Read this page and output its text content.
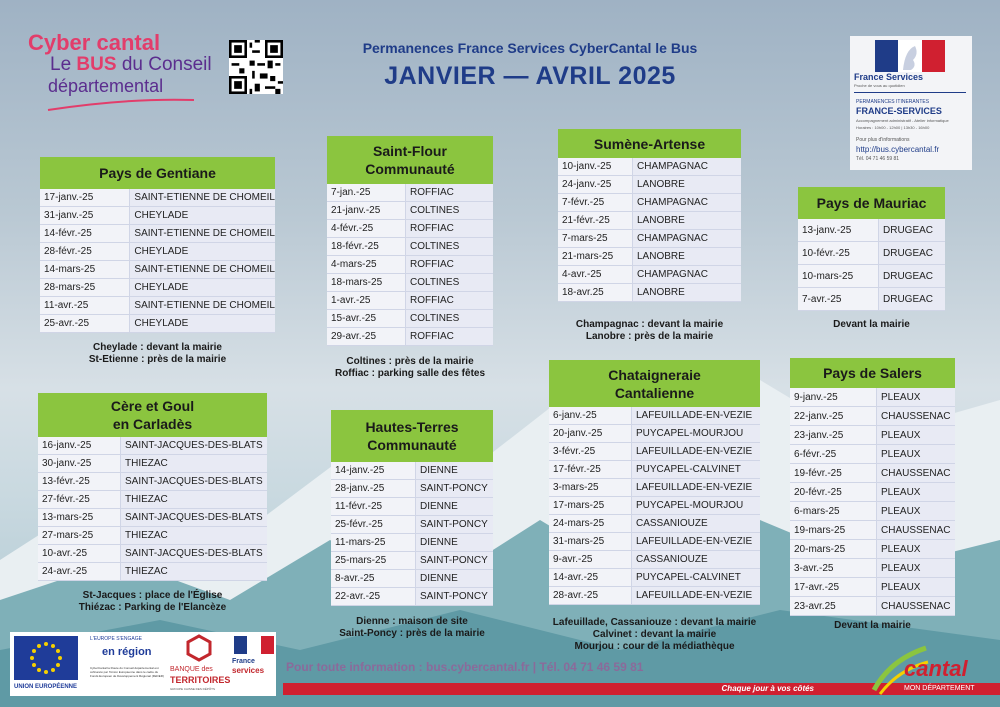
Cyber cantal
Le BUS du Conseil
départemental
Permanences France Services CyberCantal le Bus
JANVIER — AVRIL 2025	France Services
Proche de vous au quotidien
PERMANENCES ITINERANTES
FRANCE-SERVICES
Accompagnement administratif - Atelier informatique
Horaires : 10h00 - 12h00 | 13h30 - 16h00
Pour plus d'informations
http://bus.cybercantal.fr
Tél. 04 71 46 59 81
Pays de Gentiane
17-janv.-25	SAINT-ETIENNE DE CHOMEIL
31-janv.-25	CHEYLADE
14-févr.-25	SAINT-ETIENNE DE CHOMEIL
28-févr.-25	CHEYLADE
14-mars-25	SAINT-ETIENNE DE CHOMEIL
28-mars-25	CHEYLADE
11-avr.-25	SAINT-ETIENNE DE CHOMEIL
25-avr.-25	CHEYLADE
Cheylade : devant la mairie
St-Etienne : près de la mairie
Saint-Flour
Communauté
7-jan.-25	ROFFIAC
21-janv.-25	COLTINES
4-févr.-25	ROFFIAC
18-févr.-25	COLTINES
4-mars-25	ROFFIAC
18-mars-25	COLTINES
1-avr.-25	ROFFIAC
15-avr.-25	COLTINES
29-avr.-25	ROFFIAC
Coltines : près de la mairie
Roffiac : parking salle des fêtes
Sumène-Artense
10-janv.-25	CHAMPAGNAC
24-janv.-25	LANOBRE
7-févr.-25	CHAMPAGNAC
21-févr.-25	LANOBRE
7-mars-25	CHAMPAGNAC
21-mars-25	LANOBRE
4-avr.-25	CHAMPAGNAC
18-avr.25	LANOBRE
Champagnac : devant la mairie
Lanobre : près de la mairie
Pays de Mauriac
13-janv.-25	DRUGEAC
10-févr.-25	DRUGEAC
10-mars-25	DRUGEAC
7-avr.-25	DRUGEAC
Devant la mairie
Cère et Goul
en Carladès
16-janv.-25	SAINT-JACQUES-DES-BLATS
30-janv.-25	THIEZAC
13-févr.-25	SAINT-JACQUES-DES-BLATS
27-févr.-25	THIEZAC
13-mars-25	SAINT-JACQUES-DES-BLATS
27-mars-25	THIEZAC
10-avr.-25	SAINT-JACQUES-DES-BLATS
24-avr.-25	THIEZAC
St-Jacques : place de l'Église
Thiézac : Parking de l'Elancèze
Hautes-Terres
Communauté
14-janv.-25	DIENNE
28-janv.-25	SAINT-PONCY
11-févr.-25	DIENNE
25-févr.-25	SAINT-PONCY
11-mars-25	DIENNE
25-mars-25	SAINT-PONCY
8-avr.-25	DIENNE
22-avr.-25	SAINT-PONCY
Dienne : maison de site
Saint-Poncy : près de la mairie
Chataigneraie
Cantalienne
6-janv.-25	LAFEUILLADE-EN-VEZIE
20-janv.-25	PUYCAPEL-MOURJOU
3-févr.-25	LAFEUILLADE-EN-VEZIE
17-févr.-25	PUYCAPEL-CALVINET
3-mars-25	LAFEUILLADE-EN-VEZIE
17-mars-25	PUYCAPEL-MOURJOU
24-mars-25	CASSANIOUZE
31-mars-25	LAFEUILLADE-EN-VEZIE
9-avr.-25	CASSANIOUZE
14-avr.-25	PUYCAPEL-CALVINET
28-avr.-25	LAFEUILLADE-EN-VEZIE
Lafeuillade, Cassaniouze : devant la mairie
Calvinet : devant la mairie
Mourjou : cour de la médiathèque
Pays de Salers
9-janv.-25	PLEAUX
22-janv.-25	CHAUSSENAC
23-janv.-25	PLEAUX
6-févr.-25	PLEAUX
19-févr.-25	CHAUSSENAC
20-févr.-25	PLEAUX
6-mars-25	PLEAUX
19-mars-25	CHAUSSENAC
20-mars-25	PLEAUX
3-avr.-25	PLEAUX
17-avr.-25	PLEAUX
23-avr.25	CHAUSSENAC
Devant la mairie
UNION EUROPÉENNE
L'EUROPE S'ENGAGE
en région
CyberCantal la Route du Conseil départemental est cofinancé par l'Union Européenne dans le cadre du Fonds Européen de Développement Régional (FEDER)
BANQUE des
TERRITOIRES
GROUPE CAISSE DES DÉPÔTS
France
services Pour toute information : bus.cybercantal.fr | Tél. 04 71 46 59 81
Chaque jour à vos côtés
cantal
MON DÉPARTEMENT
